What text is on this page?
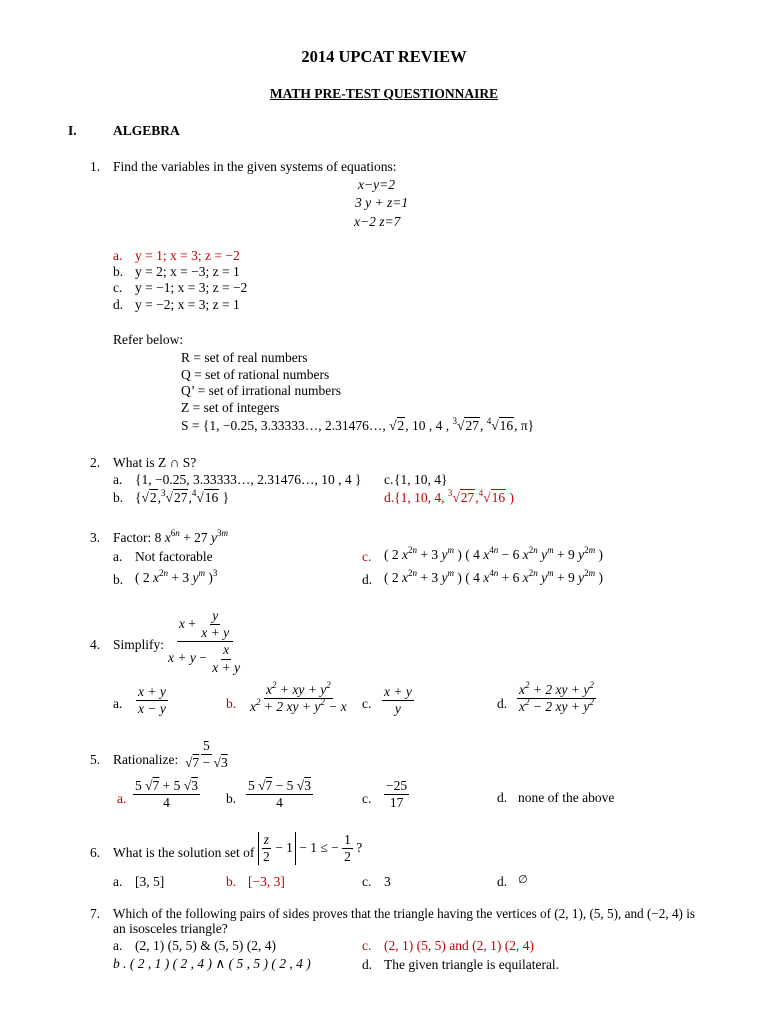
2014 UPCAT REVIEW
MATH PRE-TEST QUESTIONNAIRE
I.	ALGEBRA
1. Find the variables in the given systems of equations:
x−y=2
3 y + z=1
x−2 z=7
a. y = 1; x = 3; z = −2
b. y = 2; x = −3; z = 1
c. y = −1; x = 3; z = −2
d. y = −2; x = 3; z = 1
Refer below:
R = set of real numbers
Q = set of rational numbers
Q’ = set of irrational numbers
Z = set of integers
S = {1, −0.25, 3.33333…, 2.31476…, √2, 10 , 4 , $^3$√27, $^4$√16, π}
2. What is Z ∩ S?
a. {1, −0.25, 3.33333…, 2.31476…, 10 , 4 } c. {1, 10, 4}
b. {√2,$^3$√27,$^4$√16 }	d.{1, 10, 4, $^3$√27,$^4$√16 )
3. Factor: 8 $x^{6n} + 27$ $y^{3m}$
a. Not factorable	c. ( 2 $x^{2n} + 3$ $y^m$ ) ( 4 $x^{4n} - 6$ $x^{2n}$ $y^m + 9$ $y^{2m}$ )
b. ( 2 $x^{2n} + 3$ $y^m$ )$^3$	d. ( 2 $x^{2n} + 3$ $y^m$ ) ( 4 $x^{4n} + 6$ $x^{2n}$ $y^m + 9$ $y^{2m}$ )
4. Simplify: $\frac{x + \frac{y}{x + y}}{x + y - \frac{x}{x + y}}$
a. $\frac{x + y}{x - y}$	b. $\frac{x^2 + xy + y^2}{x^2 + 2 xy + y^2 - x} c$. $\frac{x + y}{y}$	d. $\frac{x^2 + 2 xy + y^2}{x^2 - 2 xy + y^2}$
5. Rationalize: $\frac{5}{√7 - √3}$
a. $\frac{5 √7 + 5 √3}{4} b$. $\frac{5 √7 - 5 √3}{4}$	c. $\frac{-25}{17}$	d. none of the above
6. What is the solution set of $\frac{z}{2} - 1 - 1$ ≤ − $\frac{1}{2}$ ?
a. [3, 5]	b. [−3, 3]	c. 3	d. ∅
7. Which of the following pairs of sides proves that the triangle having the vertices of (2, 1), (5, 5), and (−2, 4) is
an isosceles triangle?
a. (2, 1) (5, 5) & (5, 5) (2, 4)	c. (2, 1) (5, 5) and (2, 1) (2, 4)
b . ( 2 , 1 ) ( 2 , 4 ) ∧ ( 5 , 5 ) ( 2 , 4 )	d. The given triangle is equilateral.
